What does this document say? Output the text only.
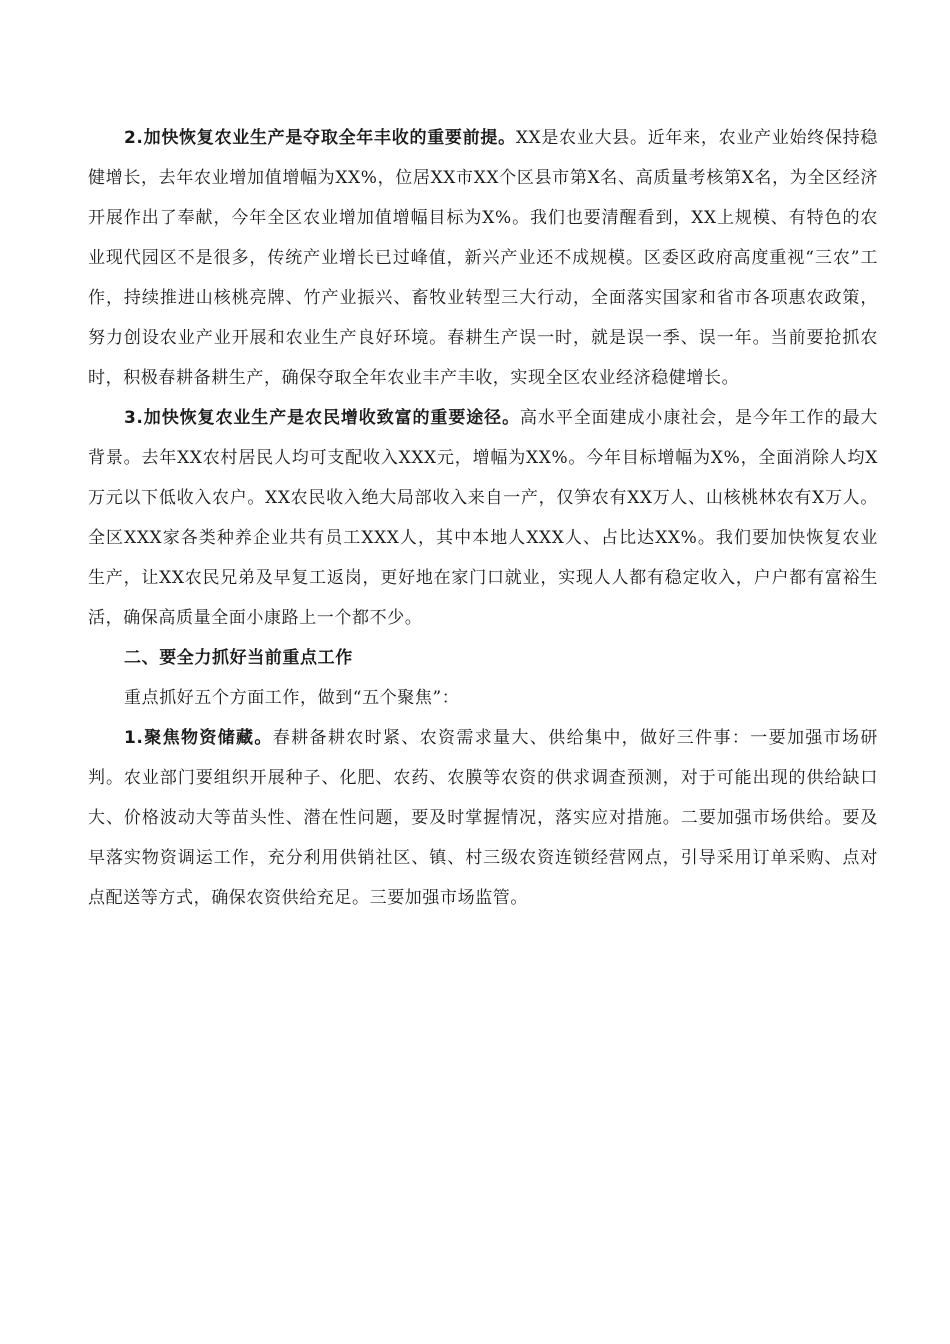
2.加快恢复农业生产是夺取全年丰收的重要前提。XX是农业大县。近年来，农业产业始终保持稳健增长，去年农业增加值增幅为XX%，位居XX市XX个区县市第X名、高质量考核第X名，为全区经济开展作出了奉献，今年全区农业增加值增幅目标为X%。我们也要清醒看到，XX上规模、有特色的农业现代园区不是很多，传统产业增长已过峰值，新兴产业还不成规模。区委区政府高度重视“三农”工作，持续推进山核桃亮牌、竹产业振兴、畜牧业转型三大行动，全面落实国家和省市各项惠农政策，努力创设农业产业开展和农业生产良好环境。春耕生产误一时，就是误一季、误一年。当前要抢抓农时，积极春耕备耕生产，确保夺取全年农业丰产丰收，实现全区农业经济稳健增长。

3.加快恢复农业生产是农民增收致富的重要途径。高水平全面建成小康社会，是今年工作的最大背景。去年XX农村居民人均可支配收入XXX元，增幅为XX%。今年目标增幅为X%，全面消除人均X万元以下低收入农户。XX农民收入绝大局部收入来自一产，仅笋农有XX万人、山核桃林农有X万人。全区XXX家各类种养企业共有员工XXX人，其中本地人XXX人、占比达XX%。我们要加快恢复农业生产，让XX农民兄弟及早复工返岗，更好地在家门口就业，实现人人都有稳定收入，户户都有富裕生活，确保高质量全面小康路上一个都不少。

二、要全力抓好当前重点工作

重点抓好五个方面工作，做到“五个聚焦”：

1.聚焦物资储藏。春耕备耕农时紧、农资需求量大、供给集中，做好三件事：一要加强市场研判。农业部门要组织开展种子、化肥、农药、农膜等农资的供求调查预测，对于可能出现的供给缺口大、价格波动大等苗头性、潜在性问题，要及时掌握情况，落实应对措施。二要加强市场供给。要及早落实物资调运工作，充分利用供销社区、镇、村三级农资连锁经营网点，引导采用订单采购、点对点配送等方式，确保农资供给充足。三要加强市场监管。
